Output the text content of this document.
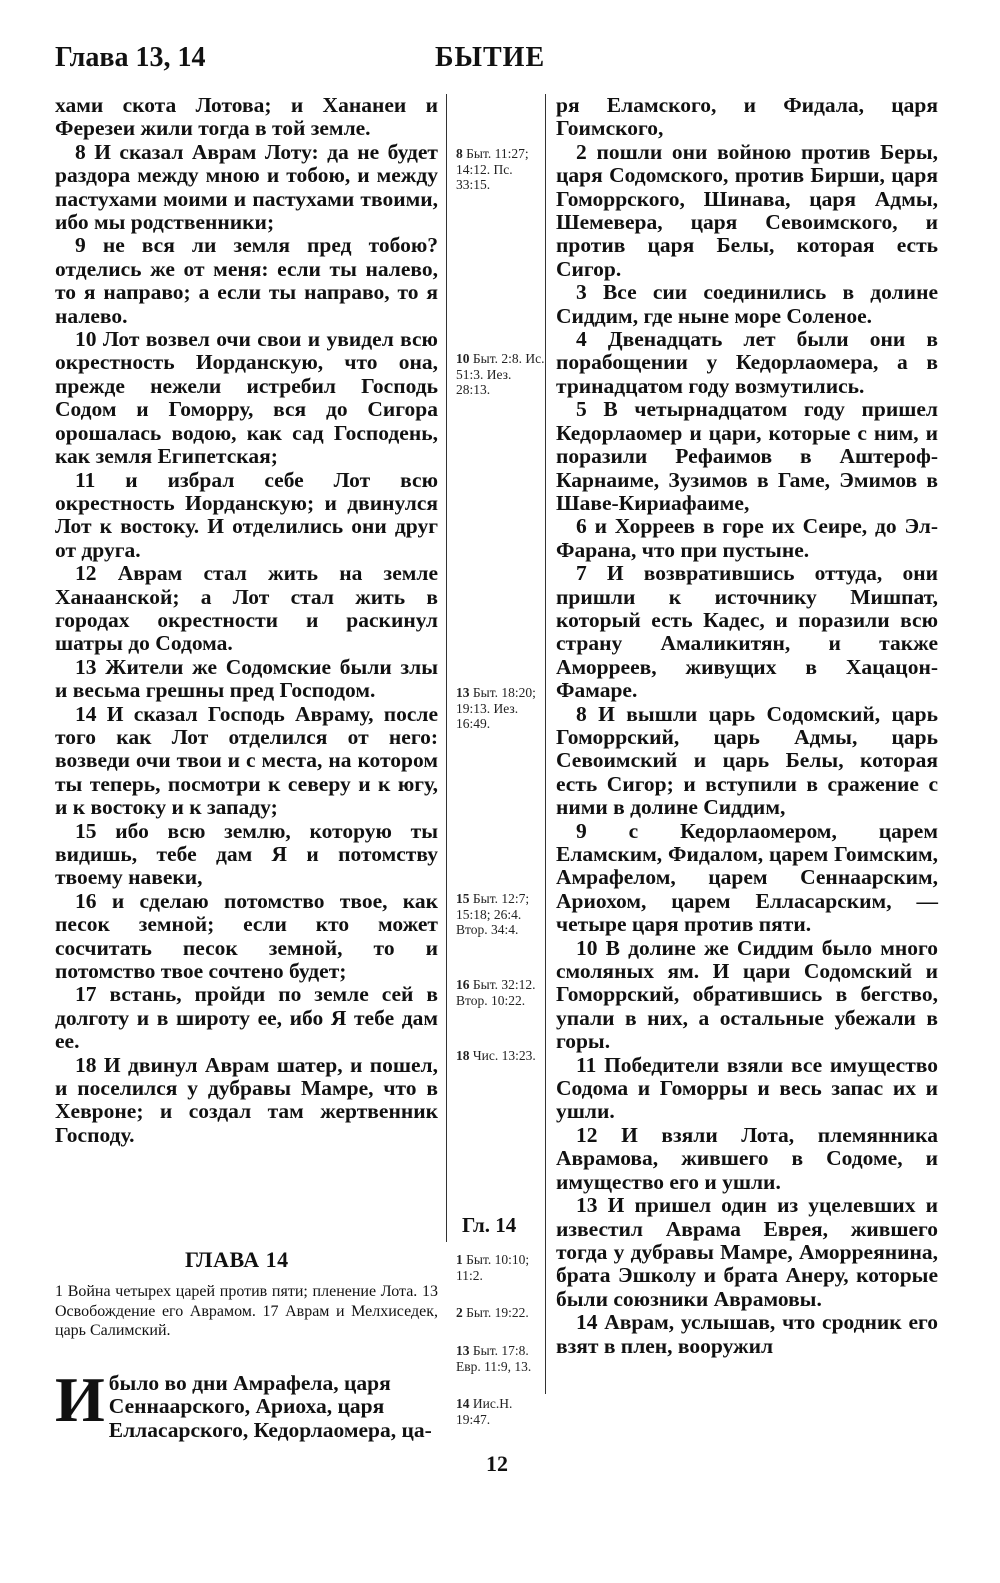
Глава 13, 14	БЫТИЕ

хами скота Лотова; и Хананеи и Ферезеи жили тогда в той земле.

8 И сказал Аврам Лоту: да не будет раздора между мною и тобою, и между пастухами моими и пастухами твоими, ибо мы родственники;

9 не вся ли земля пред тобою? отделись же от меня: если ты налево, то я направо; а если ты направо, то я налево.

10 Лот возвел очи свои и увидел всю окрестность Иорданскую, что она, прежде нежели истребил Господь Содом и Гоморру, вся до Сигора орошалась водою, как сад Господень, как земля Египетская;

11 и избрал себе Лот всю окрестность Иорданскую; и двинулся Лот к востоку. И отделились они друг от друга.

12 Аврам стал жить на земле Ханаанской; а Лот стал жить в городах окрестности и раскинул шатры до Содома.

13 Жители же Содомские были злы и весьма грешны пред Господом.

14 И сказал Господь Авраму, после того как Лот отделился от него: возведи очи твои и с места, на котором ты теперь, посмотри к северу и к югу, и к востоку и к западу;

15 ибо всю землю, которую ты видишь, тебе дам Я и потомству твоему навеки,

16 и сделаю потомство твое, как песок земной; если кто может сосчитать песок земной, то и потомство твое сочтено будет;

17 встань, пройди по земле сей в долготу и в широту ее, ибо Я тебе дам ее.

18 И двинул Аврам шатер, и пошел, и поселился у дубравы Мамре, что в Хевроне; и создал там жертвенник Господу.

8 Быт. 11:27; 14:12. Пс. 33:15.
10 Быт. 2:8. Ис. 51:3. Иез. 28:13.
13 Быт. 18:20; 19:13. Иез. 16:49.
15 Быт. 12:7; 15:18; 26:4. Втор. 34:4.
16 Быт. 32:12. Втор. 10:22.
18 Чис. 13:23.
Гл. 14
1 Быт. 10:10; 11:2.
2 Быт. 19:22.
13 Быт. 17:8. Евр. 11:9, 13.
14 Иис.Н. 19:47.
ГЛАВА 14
1 Война четырех царей против пяти; пленение Лота. 13 Освобождение его Аврамом. 17 Аврам и Мелхиседек, царь Салимский.
И было во дни Амрафела, царя Сеннаарского, Ариоха, царя Елласарского, Кедорлаомера, ца-

ря Еламского, и Фидала, царя Гоимского,

2 пошли они войною против Беры, царя Содомского, против Бирши, царя Гоморрского, Шинава, царя Адмы, Шемевера, царя Севоимского, и против царя Белы, которая есть Сигор.

3 Все сии соединились в долине Сиддим, где ныне море Соленое.

4 Двенадцать лет были они в порабощении у Кедорлаомера, а в тринадцатом году возмутились.

5 В четырнадцатом году пришел Кедорлаомер и цари, которые с ним, и поразили Рефаимов в Аштероф-Карнаиме, Зузимов в Гаме, Эмимов в Шаве-Кириафаиме,

6 и Хорреев в горе их Сеире, до Эл-Фарана, что при пустыне.

7 И возвратившись оттуда, они пришли к источнику Мишпат, который есть Кадес, и поразили всю страну Амаликитян, и также Аморреев, живущих в Хацацон-Фамаре.

8 И вышли царь Содомский, царь Гоморрский, царь Адмы, царь Севоимский и царь Белы, которая есть Сигор; и вступили в сражение с ними в долине Сиддим,

9 с Кедорлаомером, царем Еламским, Фидалом, царем Гоимским, Амрафелом, царем Сеннаарским, Ариохом, царем Елласарским, — четыре царя против пяти.

10 В долине же Сиддим было много смоляных ям. И цари Содомский и Гоморрский, обратившись в бегство, упали в них, а остальные убежали в горы.

11 Победители взяли все имущество Содома и Гоморры и весь запас их и ушли.

12 И взяли Лота, племянника Аврамова, жившего в Содоме, и имущество его и ушли.

13 И пришел один из уцелевших и известил Аврама Еврея, жившего тогда у дубравы Мамре, Аморреянина, брата Эшколу и брата Анеру, которые были союзники Аврамовы.

14 Аврам, услышав, что сродник его взят в плен, вооружил

12
